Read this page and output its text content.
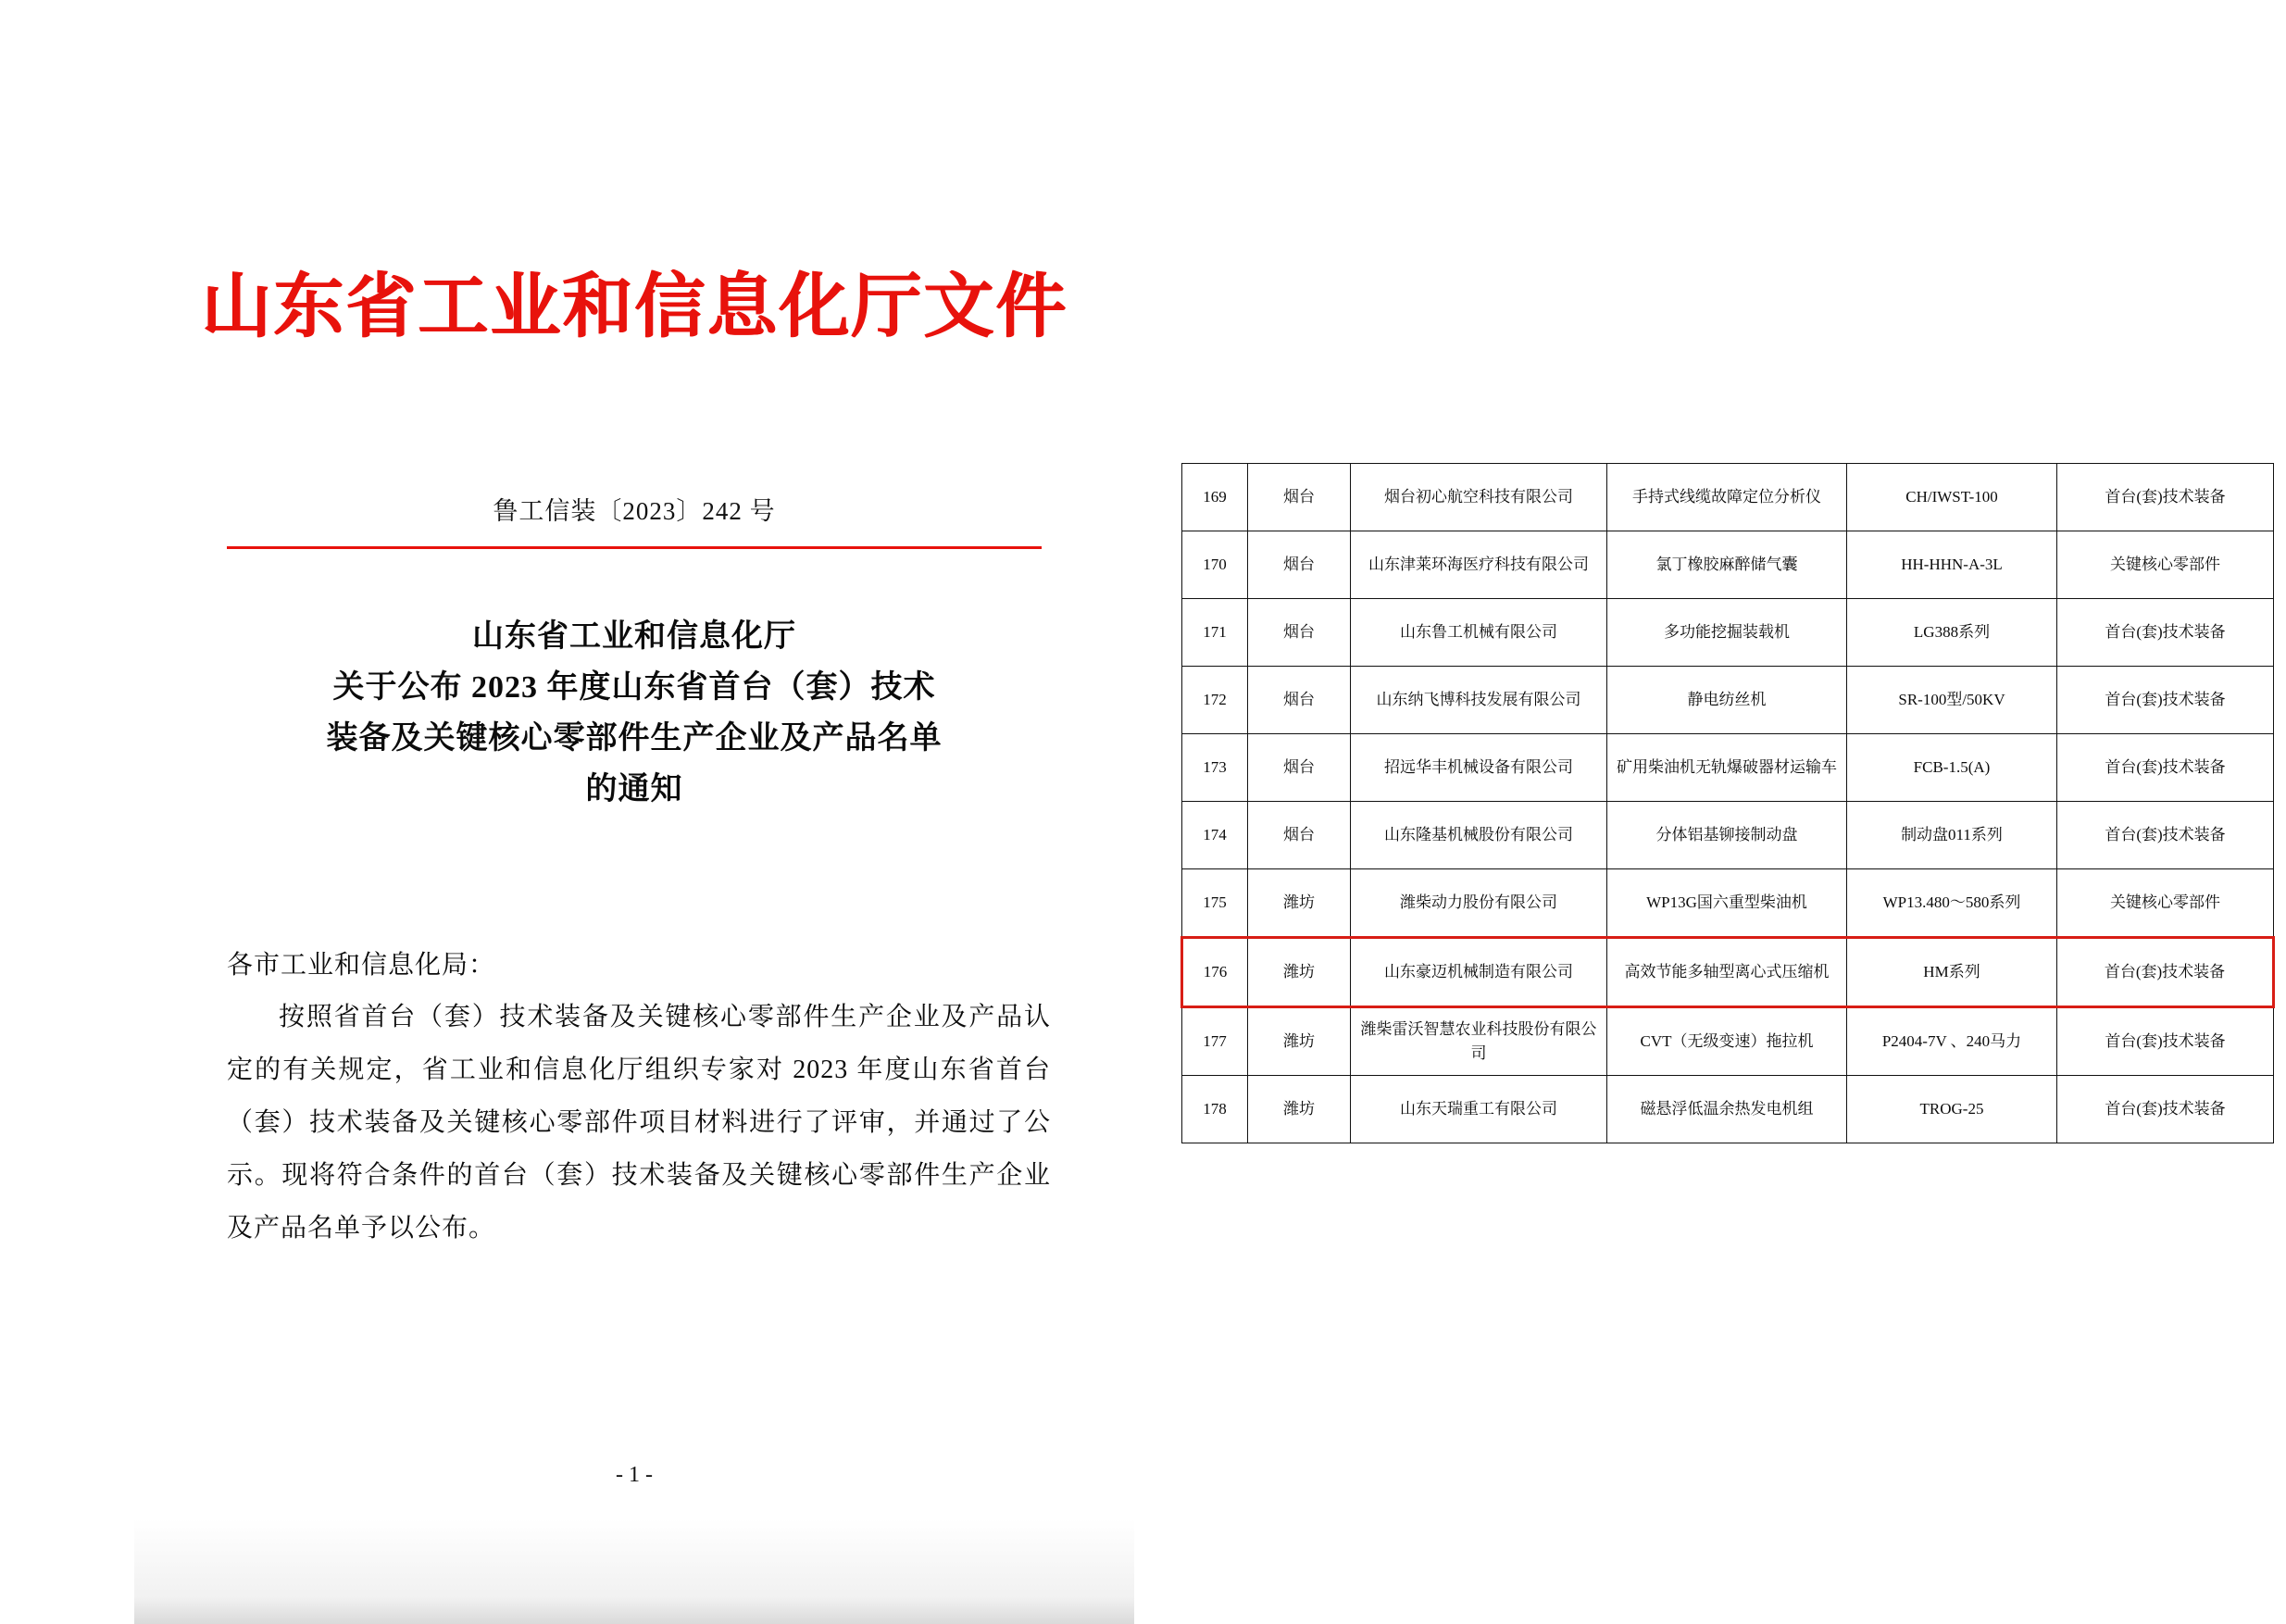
山东省工业和信息化厅文件
鲁工信装〔2023〕242 号
山东省工业和信息化厅
关于公布 2023 年度山东省首台（套）技术
装备及关键核心零部件生产企业及产品名单
的通知
各市工业和信息化局：

按照省首台（套）技术装备及关键核心零部件生产企业及产品认定的有关规定，省工业和信息化厅组织专家对 2023 年度山东省首台（套）技术装备及关键核心零部件项目材料进行了评审，并通过了公示。现将符合条件的首台（套）技术装备及关键核心零部件生产企业及产品名单予以公布。

- 1 -
169	烟台	烟台初心航空科技有限公司	手持式线缆故障定位分析仪	CH/IWST-100	首台(套)技术装备
170	烟台	山东津莱环海医疗科技有限公司	氯丁橡胶麻醉储气囊	HH-HHN-A-3L	关键核心零部件
171	烟台	山东鲁工机械有限公司	多功能挖掘装载机	LG388系列	首台(套)技术装备
172	烟台	山东纳飞博科技发展有限公司	静电纺丝机	SR-100型/50KV	首台(套)技术装备
173	烟台	招远华丰机械设备有限公司	矿用柴油机无轨爆破器材运输车	FCB-1.5(A)	首台(套)技术装备
174	烟台	山东隆基机械股份有限公司	分体铝基铆接制动盘	制动盘011系列	首台(套)技术装备
175	潍坊	潍柴动力股份有限公司	WP13G国六重型柴油机	WP13.480～580系列	关键核心零部件
176	潍坊	山东豪迈机械制造有限公司	高效节能多轴型离心式压缩机	HM系列	首台(套)技术装备
177	潍坊	潍柴雷沃智慧农业科技股份有限公司	CVT（无级变速）拖拉机	P2404-7V 、240马力	首台(套)技术装备
178	潍坊	山东天瑞重工有限公司	磁悬浮低温余热发电机组	TROG-25	首台(套)技术装备
